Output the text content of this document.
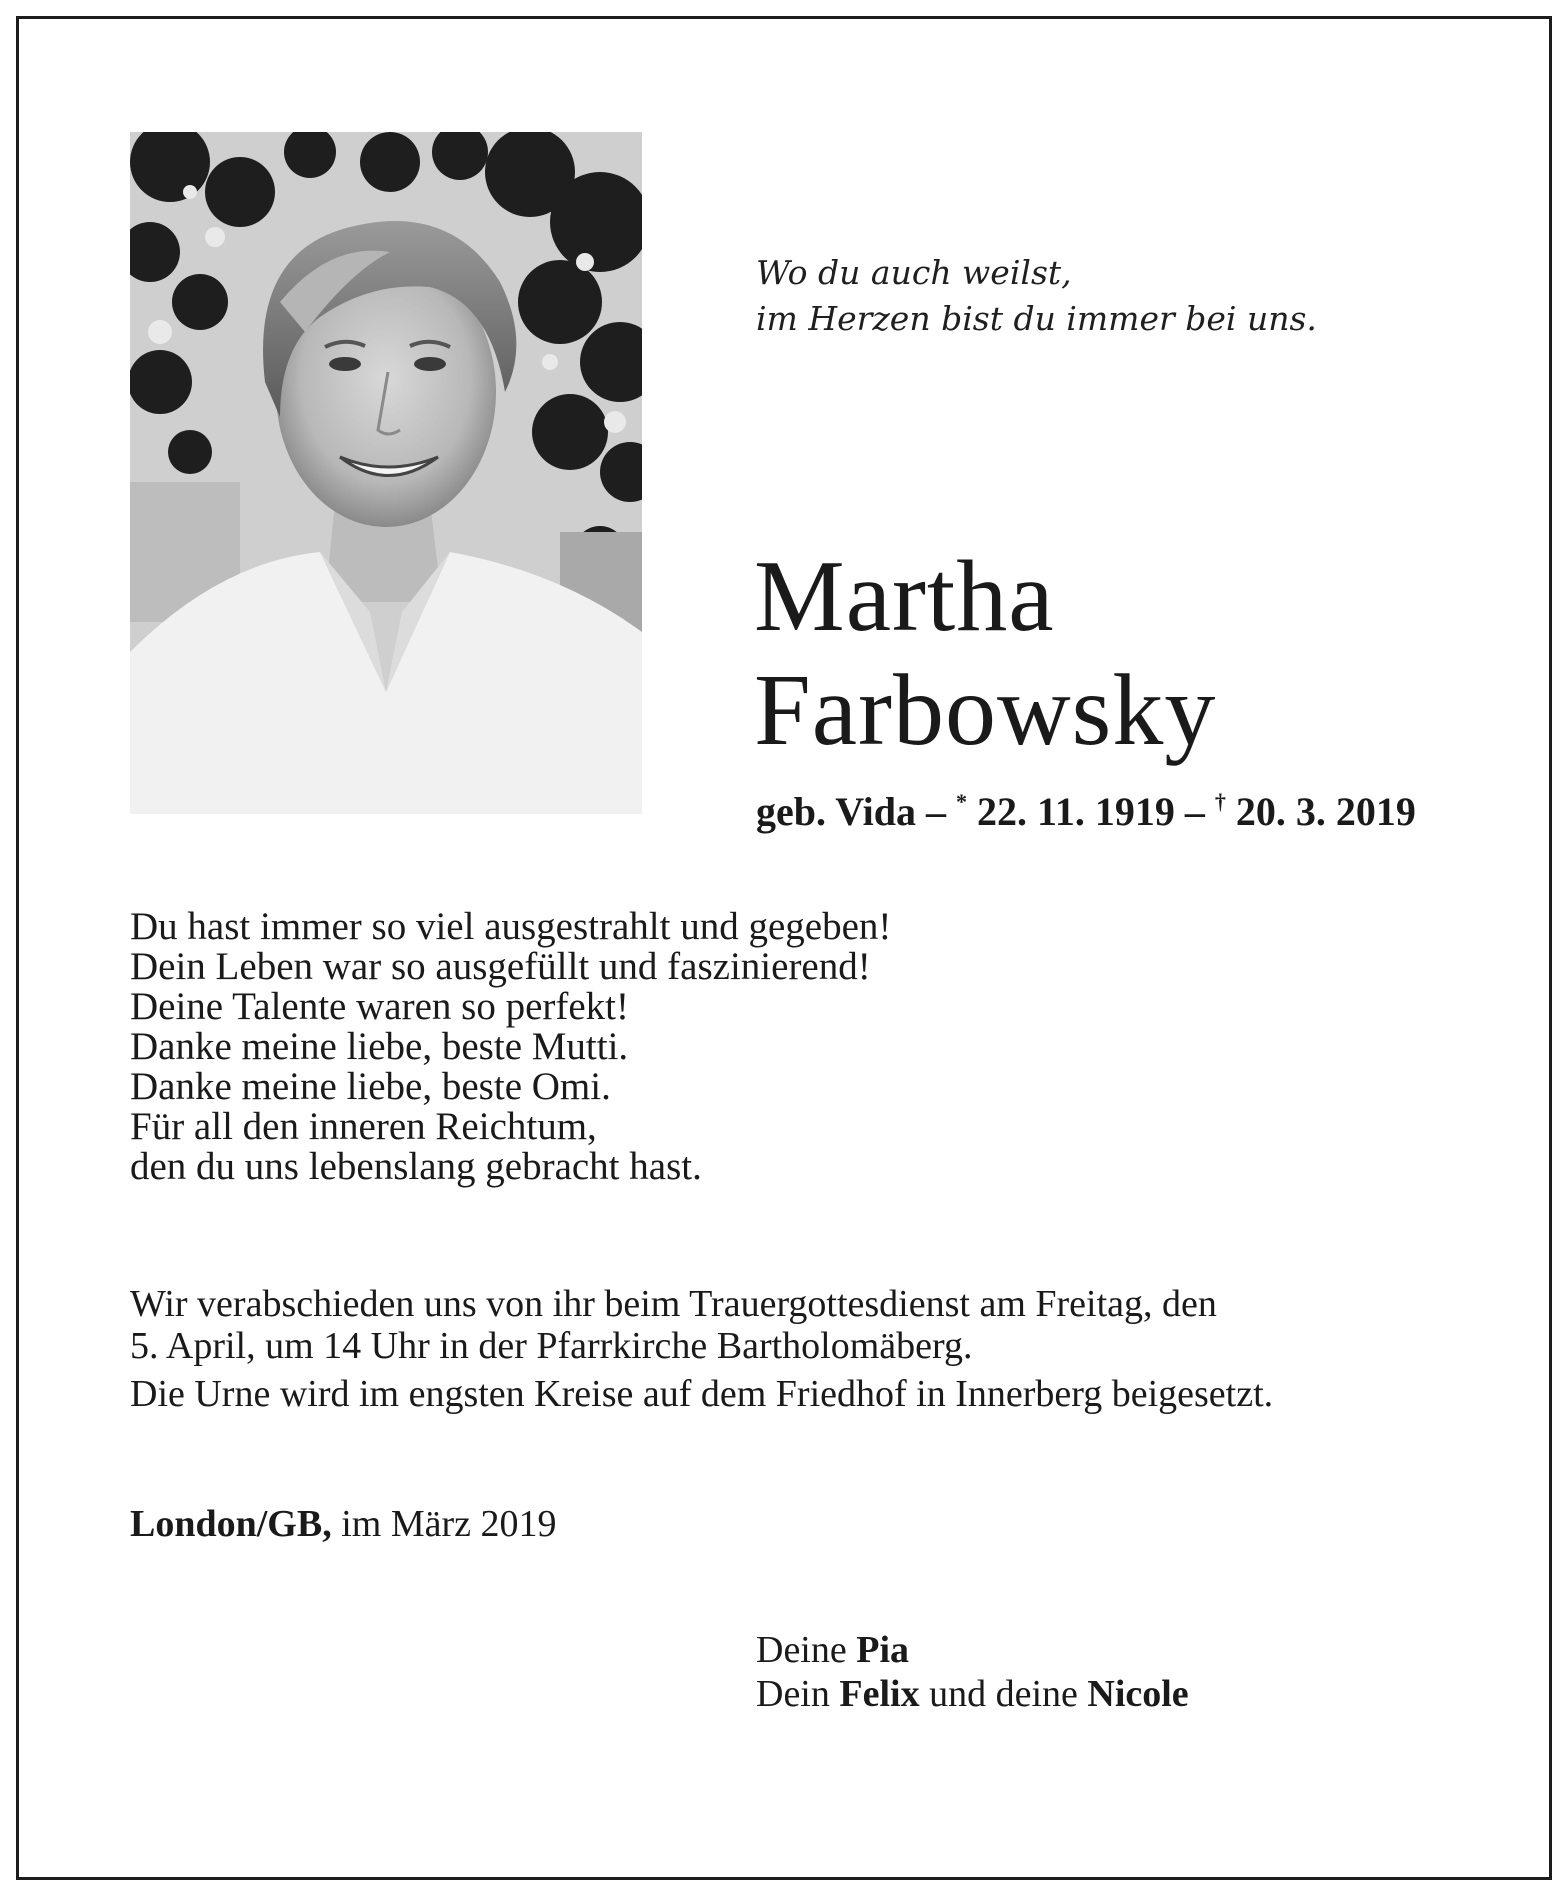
Wo du auch weilst,
im Herzen bist du immer bei uns.
Martha
Farbowsky
geb. Vida – * 22. 11. 1919 – † 20. 3. 2019
Du hast immer so viel ausgestrahlt und gegeben!
Dein Leben war so ausgefüllt und faszinierend!
Deine Talente waren so perfekt!
Danke meine liebe, beste Mutti.
Danke meine liebe, beste Omi.
Für all den inneren Reichtum,
den du uns lebenslang gebracht hast.

Wir verabschieden uns von ihr beim Trauergottesdienst am Freitag, den

5. April, um 14 Uhr in der Pfarrkirche Bartholomäberg.

Die Urne wird im engsten Kreise auf dem Friedhof in Innerberg beigesetzt.

London/GB, im März 2019
Deine Pia
Dein Felix und deine Nicole
